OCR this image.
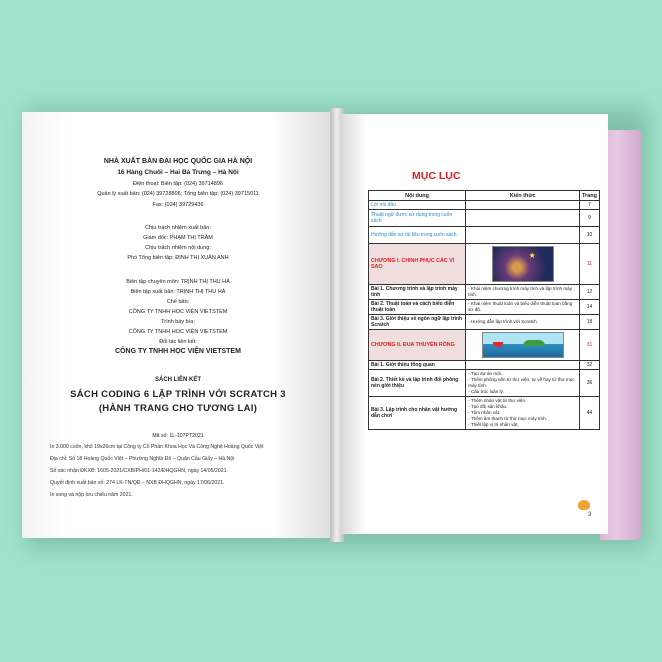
NHÀ XUẤT BẢN ĐẠI HỌC QUỐC GIA HÀ NỘI
16 Hàng Chuối – Hai Bà Trưng – Hà Nội
Điện thoại: Biên tập: (024) 39714896
Quản lý xuất bản: (024) 39728806; Tổng biên tập: (024) 39715011
Fax: (024) 39729436
Chịu trách nhiệm xuất bản:
Giám đốc: PHẠM THỊ TRÂM
Chịu trách nhiệm nội dung:
Phó Tổng biên tập: ĐINH THỊ XUÂN ANH
Biên tập chuyên môn: TRỊNH THỊ THU HÀ
Biên tập xuất bản: TRỊNH THỊ THU HÀ
Chế bản:
CÔNG TY TNHH HỌC VIỆN VIETSTEM
Trình bày bìa:
CÔNG TY TNHH HỌC VIỆN VIETSTEM
Đối tác liên kết:
CÔNG TY TNHH HỌC VIỆN VIETSTEM
SÁCH LIÊN KẾT
SÁCH CODING 6 LẬP TRÌNH VỚI SCRATCH 3
(HÀNH TRANG CHO TƯƠNG LAI)
Mã số: 1L-107PT2021
In 3.000 cuốn, khổ 19x26cm tại Công ty Cổ Phần Khoa Học Và Công Nghệ Hoàng Quốc Việt
Địa chỉ: Số 18 Hoàng Quốc Việt – Phường Nghĩa Đô – Quận Cầu Giấy – Hà Nội
Số xác nhận ĐKXB: 1605-2021/CXBIPH/01-142/ĐHQGHN, ngày 14/05/2021.
Quyết định xuất bản số: 274 LK-TN/QĐ – NXB ĐHQGHN, ngày 17/06/2021.
In xong và nộp lưu chiểu năm 2021.
MỤC LỤC
Nội dung	Kiến thức	Trang
Lời nói đầu		7
Thuật ngữ được sử dụng trong cuốn sách		9
Hướng dẫn sử tải liệu trong cuốn sách		10
CHƯƠNG I. CHINH PHỤC CÁC VÌ SAO	★	11
Bài 1. Chương trình và lập trình máy tính	- Khái niệm chương trình máy tính và lập trình máy tính.	12
Bài 2. Thuật toán và cách biểu diễn thuật toán	- Khái niệm thuật toán và biểu diễn thuật toán bằng sơ đồ.	14
Bài 3. Giới thiệu về ngôn ngữ lập trình Scratch	- Hướng dẫn lập trình với Scratch.	18
CHƯƠNG II. ĐUA THUYỀN RỒNG		31
Bài 1. Giới thiệu tổng quan		32
Bài 2. Thiết kế và lập trình đối phông nền giới thiệu	- Tạo dự án mới.
- Thêm phông nền từ thư viện, tự vẽ hay từ thư mục máy tính.
- Cấu trúc luân lý.	36
Bài 3. Lập trình cho nhân vật hướng dẫn chơi	- Thêm nhân vật từ thư viện.
- Tạo đối sân khấu.
- Tâm nhân vật.
- Thêm âm thanh từ thư mục máy tính.
- Thiết lập vị trí nhân vật.	44
3
